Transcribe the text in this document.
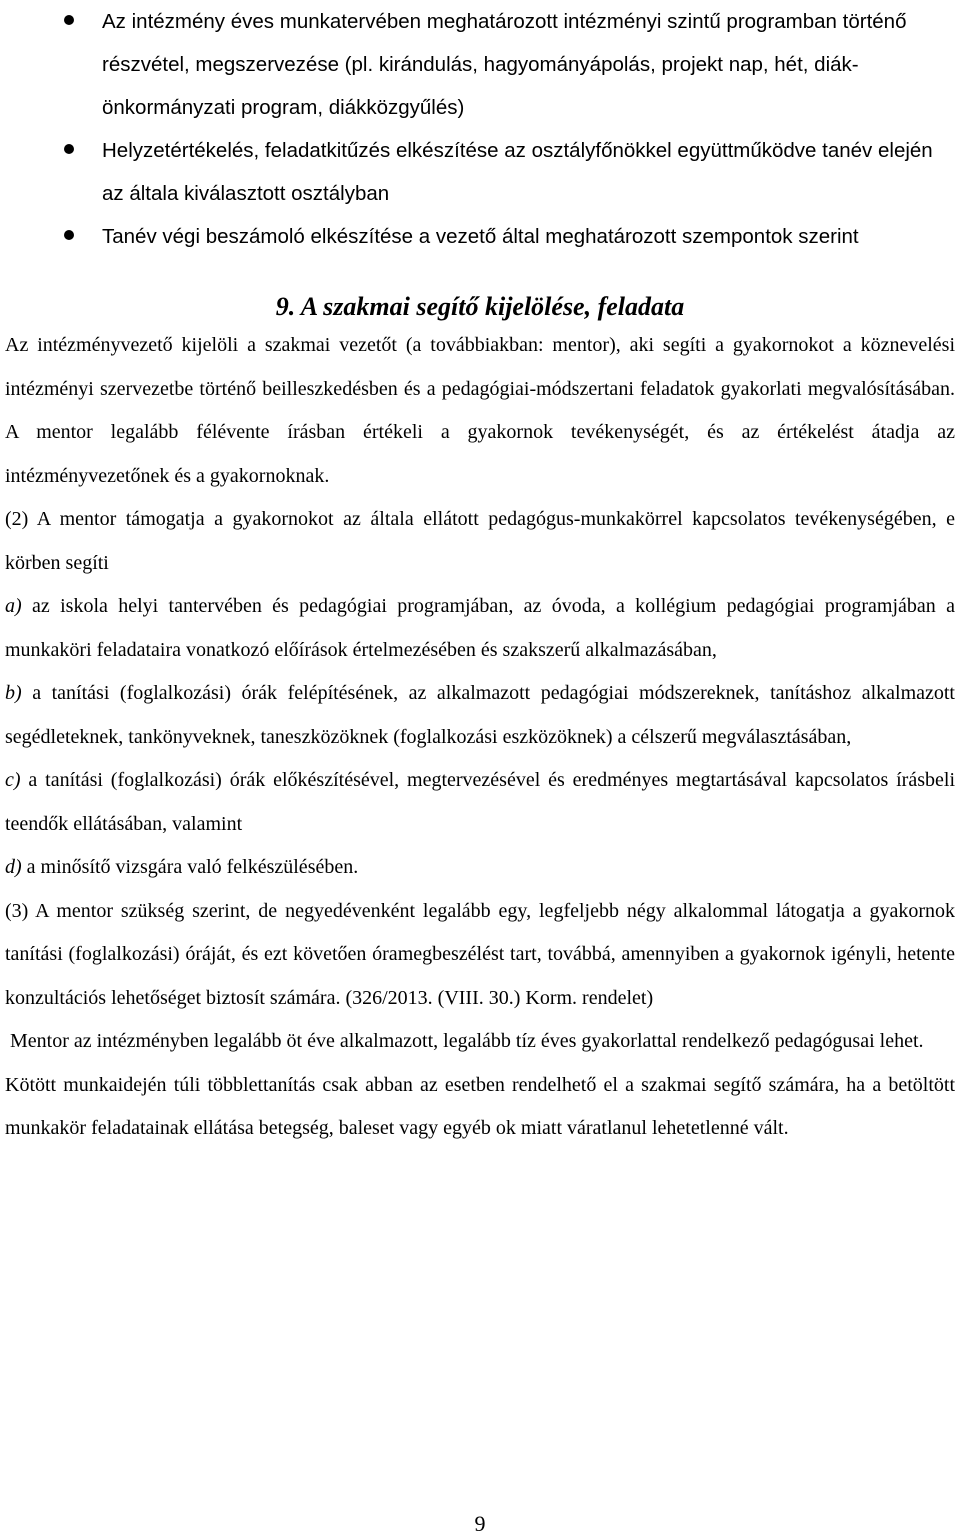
Az intézmény éves munkatervében meghatározott intézményi szintű programban történő részvétel, megszervezése (pl. kirándulás, hagyományápolás, projekt nap, hét, diák-önkormányzati program, diákközgyűlés)
Helyzetértékelés, feladatkitűzés elkészítése az osztályfőnökkel együttműködve tanév elején az általa kiválasztott osztályban
Tanév végi beszámoló elkészítése a vezető által meghatározott szempontok szerint
9. A szakmai segítő kijelölése, feladata

Az intézményvezető kijelöli a szakmai vezetőt (a továbbiakban: mentor), aki segíti a gyakornokot a köznevelési intézményi szervezetbe történő beilleszkedésben és a pedagógiai-módszertani feladatok gyakorlati megvalósításában. A mentor legalább félévente írásban értékeli a gyakornok tevékenységét, és az értékelést átadja az intézményvezetőnek és a gyakornoknak.

(2) A mentor támogatja a gyakornokot az általa ellátott pedagógus-munkakörrel kapcsolatos tevékenységében, e körben segíti

a) az iskola helyi tantervében és pedagógiai programjában, az óvoda, a kollégium pedagógiai programjában a munkaköri feladataira vonatkozó előírások értelmezésében és szakszerű alkalmazásában,

b) a tanítási (foglalkozási) órák felépítésének, az alkalmazott pedagógiai módszereknek, tanításhoz alkalmazott segédleteknek, tankönyveknek, taneszközöknek (foglalkozási eszközöknek) a célszerű megválasztásában,

c) a tanítási (foglalkozási) órák előkészítésével, megtervezésével és eredményes megtartásával kapcsolatos írásbeli teendők ellátásában, valamint

d) a minősítő vizsgára való felkészülésében.

(3) A mentor szükség szerint, de negyedévenként legalább egy, legfeljebb négy alkalommal látogatja a gyakornok tanítási (foglalkozási) óráját, és ezt követően óramegbeszélést tart, továbbá, amennyiben a gyakornok igényli, hetente konzultációs lehetőséget biztosít számára. (326/2013. (VIII. 30.) Korm. rendelet)

Mentor az intézményben legalább öt éve alkalmazott, legalább tíz éves gyakorlattal rendelkező pedagógusai lehet.

Kötött munkaidején túli többlettanítás csak abban az esetben rendelhető el a szakmai segítő számára, ha a betöltött munkakör feladatainak ellátása betegség, baleset vagy egyéb ok miatt váratlanul lehetetlenné vált.

9
